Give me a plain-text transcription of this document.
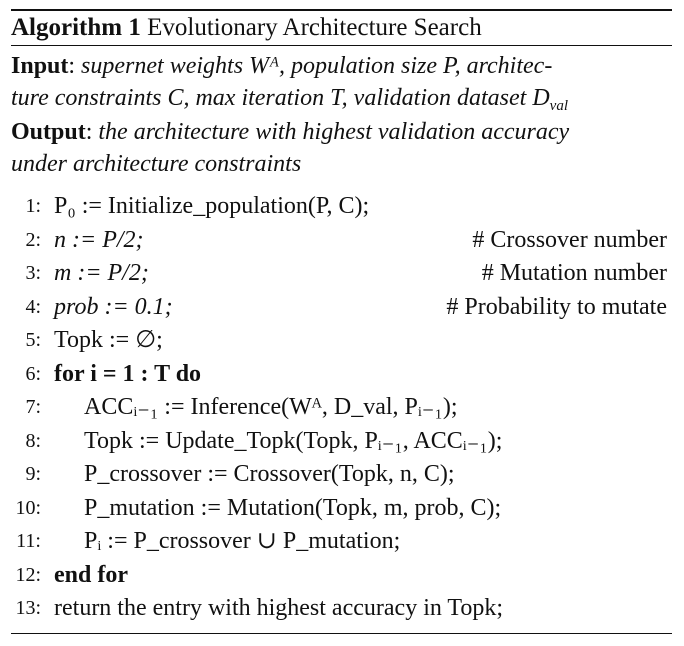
Algorithm 1 Evolutionary Architecture Search
Input: supernet weights Wᴬ, population size P, architec-
ture constraints C, max iteration T, validation dataset $D_{val}$
Output: the architecture with highest validation accuracy
under architecture constraints
1: P₀ := Initialize_population(P, C);
2: n := P/2;	# Crossover number
3: m := P/2;	# Mutation number
4: prob := 0.1;	# Probability to mutate
5: Topk := ∅;
6: for i = 1 : T do
7: ACCᵢ₋₁ := Inference(Wᴬ, D_val, Pᵢ₋₁);
8: Topk := Update_Topk(Topk, Pᵢ₋₁, ACCᵢ₋₁);
9: P_crossover := Crossover(Topk, n, C);
10: P_mutation := Mutation(Topk, m, prob, C);
11: Pᵢ := P_crossover ∪ P_mutation;
12: end for
13: return the entry with highest accuracy in Topk;
